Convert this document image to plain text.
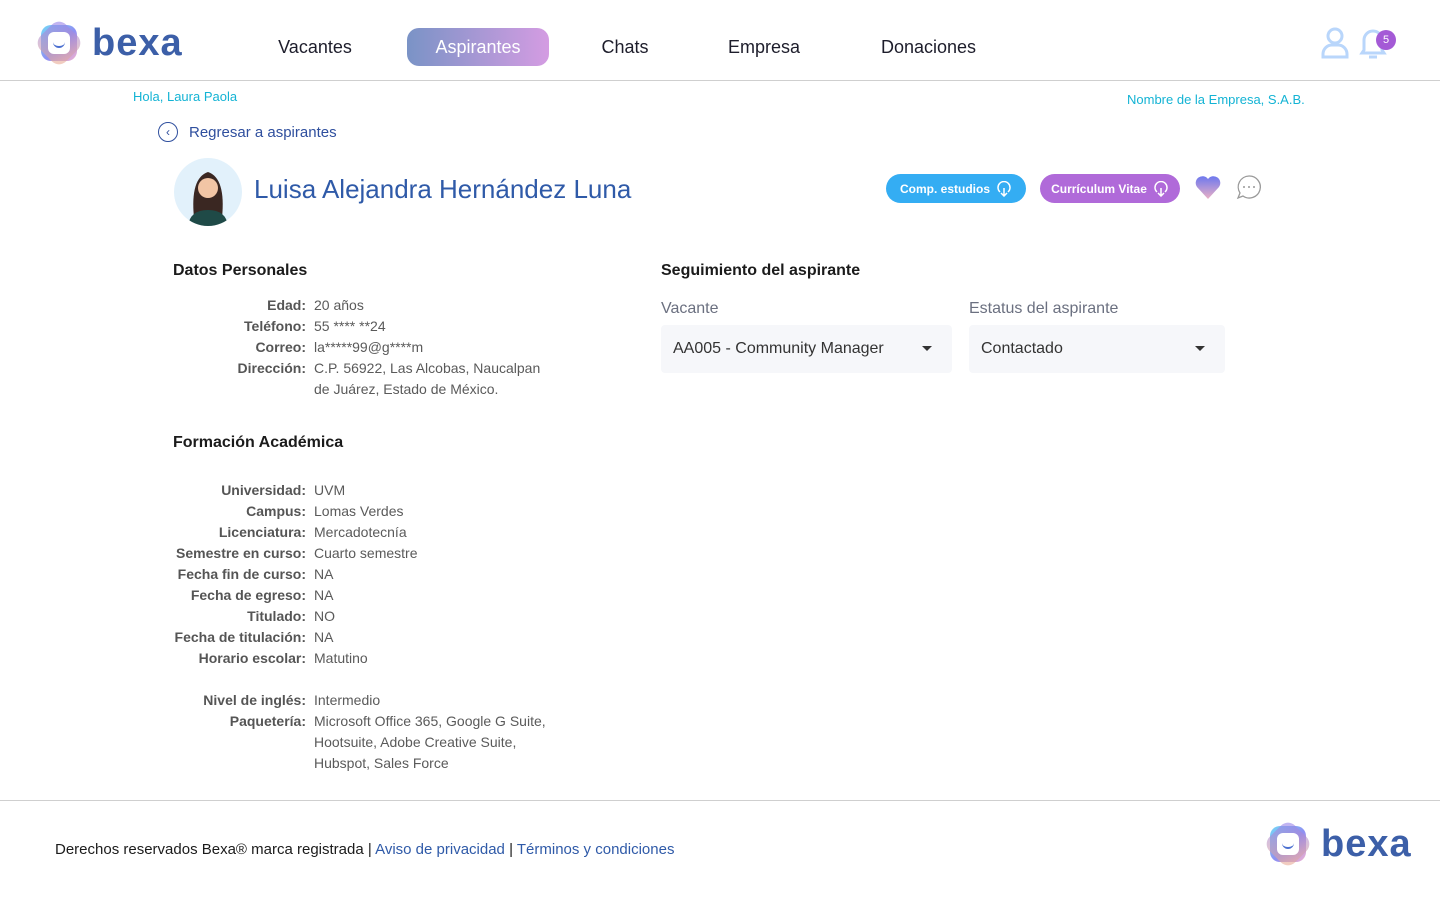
bexa	Vacantes	Aspirantes	Chats	Empresa	Donaciones	5
Hola, Laura Paola	Nombre de la Empresa, S.A.B.
‹	Regresar a aspirantes
Luisa Alejandra Hernández Luna	Comp. estudios	Currículum Vitae
Datos Personales
Edad: 20 años
Teléfono: 55 **** **24
Correo: la*****99@g****m
Dirección: C.P. 56922, Las Alcobas, Naucalpan
de Juárez, Estado de México.
Formación Académica
Universidad: UVM
Campus: Lomas Verdes
Licenciatura: Mercadotecnía
Semestre en curso: Cuarto semestre
Fecha fin de curso: NA
Fecha de egreso: NA
Titulado: NO
Fecha de titulación: NA
Horario escolar: Matutino
Nivel de inglés: Intermedio
Paquetería: Microsoft Office 365, Google G Suite,
Hootsuite, Adobe Creative Suite,
Hubspot, Sales Force
Seguimiento del aspirante
Vacante
AA005 - Community Manager
Estatus del aspirante
Contactado
Derechos reservados Bexa® marca registrada | Aviso de privacidad | Términos y condiciones	bexa
